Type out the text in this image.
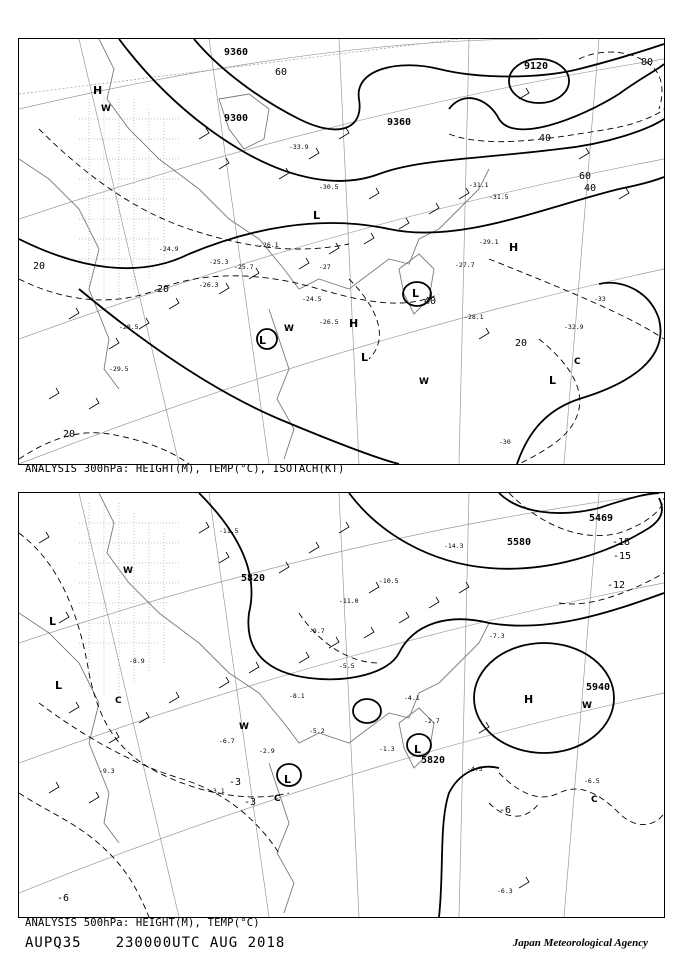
9360
9300	9360
9120
20
40
60
80
40
20
20
20
40
60
H
H
H
L
L
L
L
L
W
W
W
C
-24.9
-25.3
-26.1
-27
-28.1
-24.5
-26.5
-29.5
-33.9
-30.5	-31.1
-31.5
-32.9
-33
-28.5
-27.7
-29.1
-30
-25.7
-26.3
ANALYSIS 300hPa: HEIGHT(M), TEMP(°C), ISOTACH(KT)
5820
5469
5580
5940
5820
-18
-15
-12
-6
-3
-6
-3
H
L
L
L
L
W
W
W
C
C
C
-14.3
-10.5
-11.0
-9.7
-7.3
-4.1
-2.7
-5.5
-8.1
-6.5
-4.5
-6.3
-9.3
-11.5
-1.3
-2.9
-6.7
-3.1
-8.9
-5.2
ANALYSIS 500hPa: HEIGHT(M), TEMP(°C)
AUPQ35 230000UTC AUG 2018	Japan Meteorological Agency
